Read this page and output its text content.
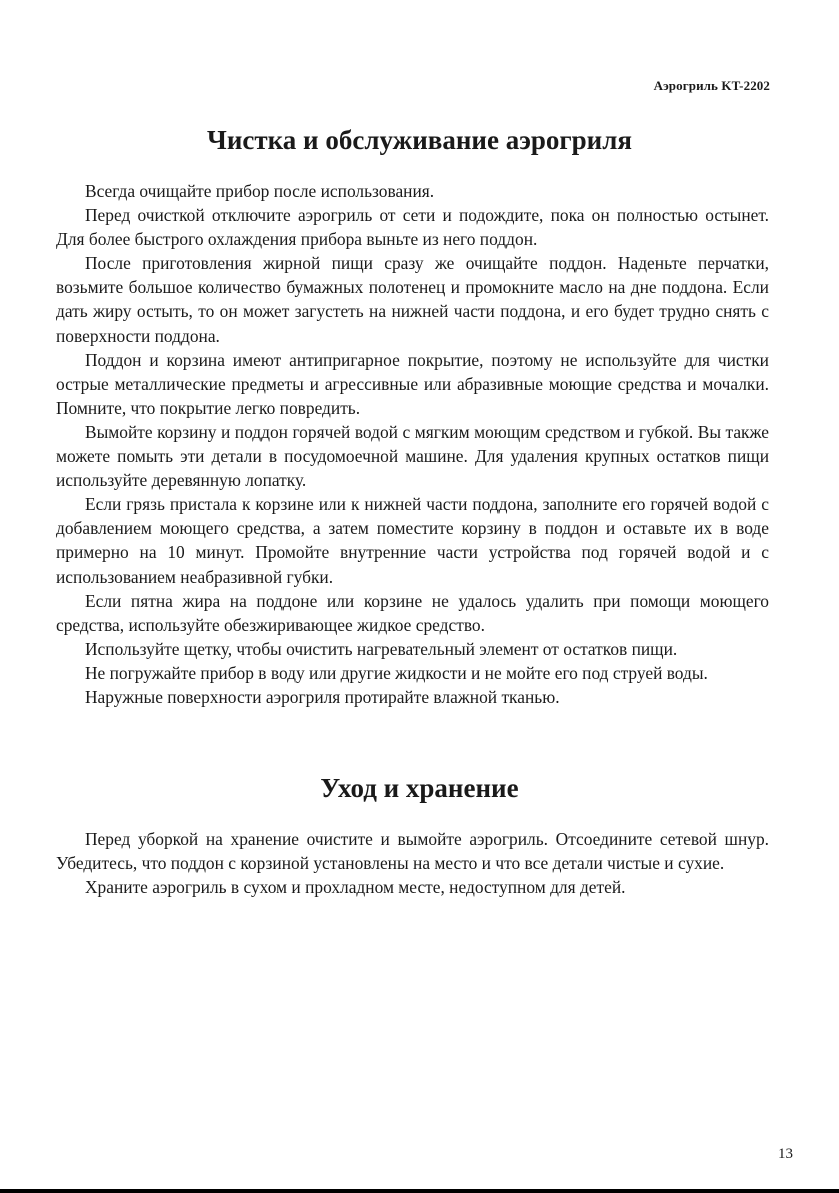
Аэрогриль KT-2202
Чистка и обслуживание аэрогриля

Всегда очищайте прибор после использования.

Перед очисткой отключите аэрогриль от сети и подождите, пока он полностью остынет. Для более быстрого охлаждения прибора выньте из него поддон.

После приготовления жирной пищи сразу же очищайте поддон. Наденьте перчатки, возьмите большое количество бумажных полотенец и промокните масло на дне поддона. Если дать жиру остыть, то он может загустеть на нижней части поддона, и его будет трудно снять с поверхности поддона.

Поддон и корзина имеют антипригарное покрытие, поэтому не используйте для чистки острые металлические предметы и агрессивные или абразивные моющие средства и мочалки. Помните, что покрытие легко повредить.

Вымойте корзину и поддон горячей водой с мягким моющим средством и губкой. Вы также можете помыть эти детали в посудомоечной машине. Для удаления крупных остатков пищи используйте деревянную лопатку.

Если грязь пристала к корзине или к нижней части поддона, заполните его горячей водой с добавлением моющего средства, а затем поместите корзину в поддон и оставьте их в воде примерно на 10 минут. Промойте внутренние части устройства под горячей водой и с использованием неабразивной губки.

Если пятна жира на поддоне или корзине не удалось удалить при помощи моющего средства, используйте обезжиривающее жидкое средство.

Используйте щетку, чтобы очистить нагревательный элемент от остатков пищи.

Не погружайте прибор в воду или другие жидкости и не мойте его под струей воды.

Наружные поверхности аэрогриля протирайте влажной тканью.

Уход и хранение

Перед уборкой на хранение очистите и вымойте аэрогриль. Отсоедините сетевой шнур. Убедитесь, что поддон с корзиной установлены на место и что все детали чистые и сухие.

Храните аэрогриль в сухом и прохладном месте, недоступном для детей.

13
